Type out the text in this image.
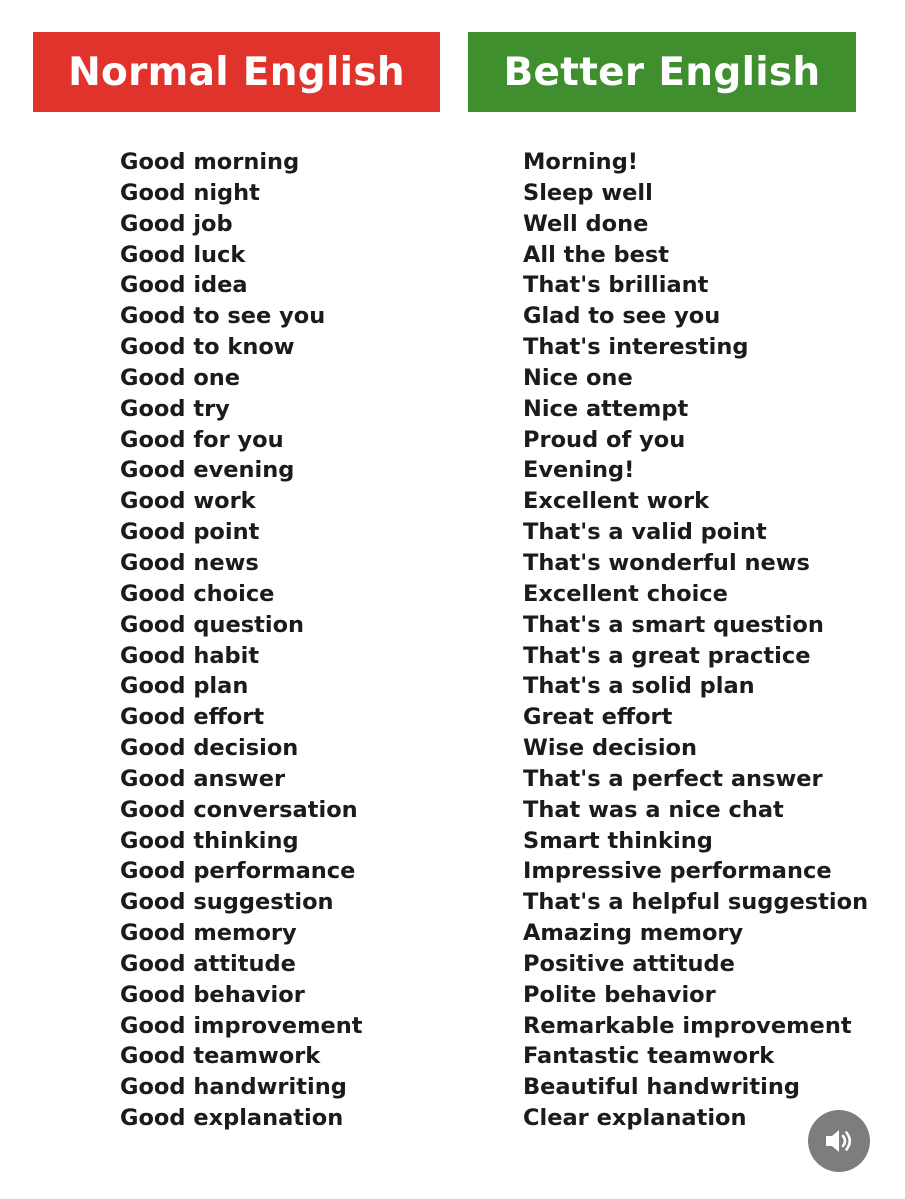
Normal English	Better English
Good morning
Good night
Good job
Good luck
Good idea
Good to see you
Good to know
Good one
Good try
Good for you
Good evening
Good work
Good point
Good news
Good choice
Good question
Good habit
Good plan
Good effort
Good decision
Good answer
Good conversation
Good thinking
Good performance
Good suggestion
Good memory
Good attitude
Good behavior
Good improvement
Good teamwork
Good handwriting
Good explanation
Morning!
Sleep well
Well done
All the best
That's brilliant
Glad to see you
That's interesting
Nice one
Nice attempt
Proud of you
Evening!
Excellent work
That's a valid point
That's wonderful news
Excellent choice
That's a smart question
That's a great practice
That's a solid plan
Great effort
Wise decision
That's a perfect answer
That was a nice chat
Smart thinking
Impressive performance
That's a helpful suggestion
Amazing memory
Positive attitude
Polite behavior
Remarkable improvement
Fantastic teamwork
Beautiful handwriting
Clear explanation
